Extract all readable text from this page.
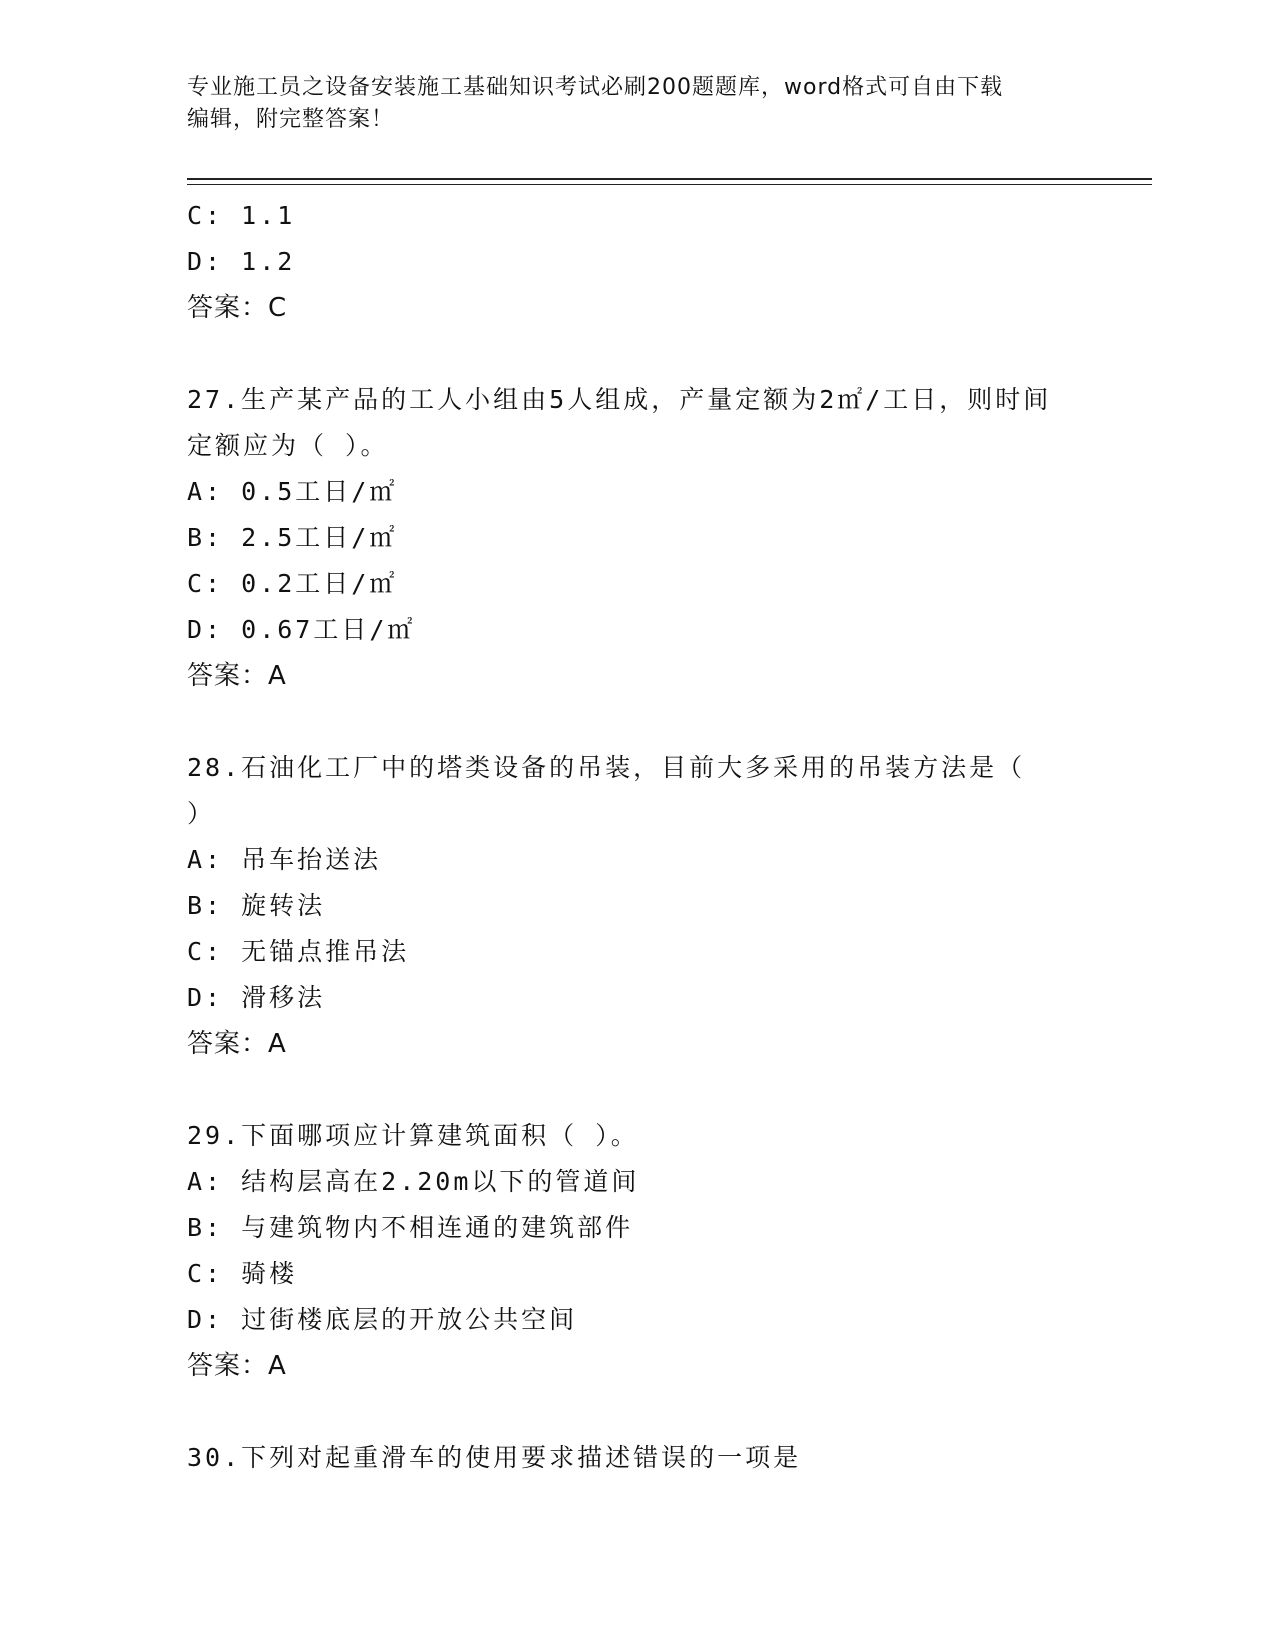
专业施工员之设备安装施工基础知识考试必刷200题题库，word格式可自由下载
编辑，附完整答案！
C: 1.1
D: 1.2
答案：C
27.生产某产品的工人小组由5人组成，产量定额为2㎡/工日，则时间
定额应为（ ）。
A: 0.5工日/㎡
B: 2.5工日/㎡
C: 0.2工日/㎡
D: 0.67工日/㎡
答案：A
28.石油化工厂中的塔类设备的吊装，目前大多采用的吊装方法是（
）
A: 吊车抬送法
B: 旋转法
C: 无锚点推吊法
D: 滑移法
答案：A
29.下面哪项应计算建筑面积（ ）。
A: 结构层高在2.20m以下的管道间
B: 与建筑物内不相连通的建筑部件
C: 骑楼
D: 过街楼底层的开放公共空间
答案：A
30.下列对起重滑车的使用要求描述错误的一项是
